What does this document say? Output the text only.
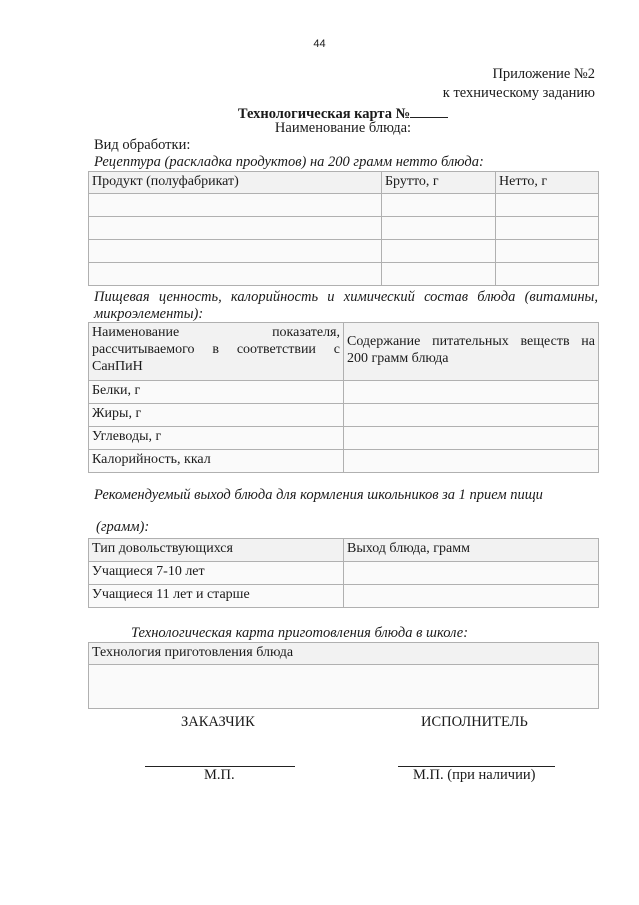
44
Приложение №2
к техническому заданию
Технологическая карта №
Наименование блюда:
Вид обработки:
Рецептура (раскладка продуктов) на 200 грамм нетто блюда:
Продукт (полуфабрикат)	Брутто, г	Нетто, г

Пищевая ценность, калорийность и химический состав блюда (витамины,
микроэлементы):
Наименование показателя,
рассчитываемого в соответствии с
СанПиН	Содержание питательных веществ на
200 грамм блюда

Белки, г	
Жиры, г	
Углеводы, г	
Калорийность, ккал	
Рекомендуемый выход блюда для кормления школьников за 1 прием пищи
(грамм):
Тип довольствующихся	Выход блюда, грамм
Учащиеся 7-10 лет	
Учащиеся 11 лет и старше	
Технологическая карта приготовления блюда в школе:
Технология приготовления блюда

ЗАКАЗЧИК	ИСПОЛНИТЕЛЬ
М.П.	М.П. (при наличии)
